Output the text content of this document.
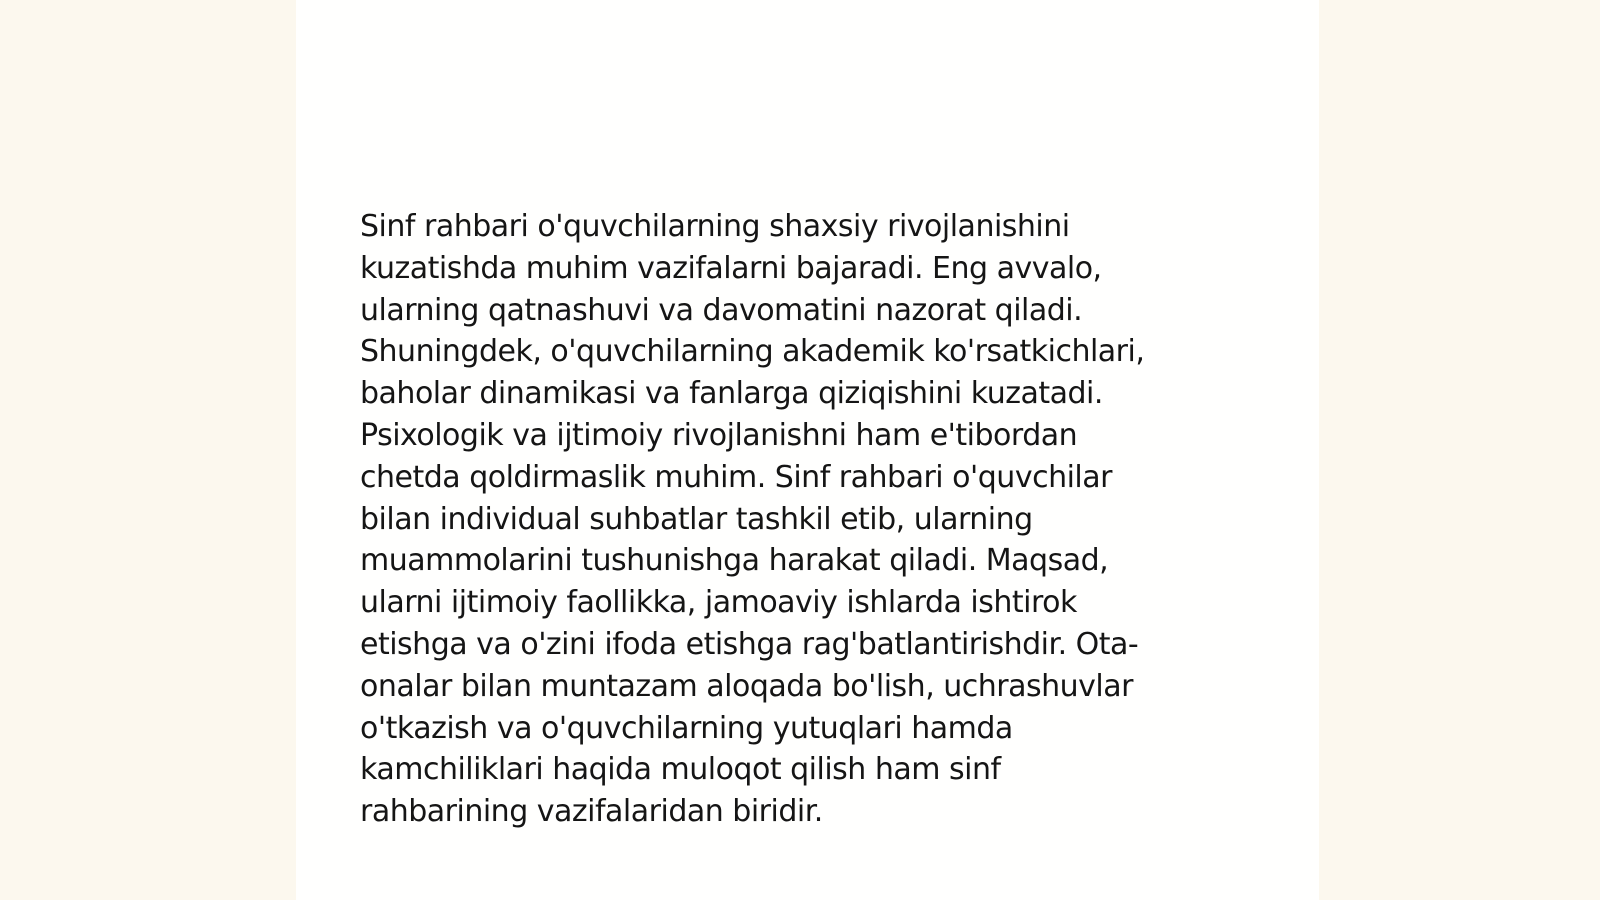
Sinf rahbari o'quvchilarning shaxsiy rivojlanishini
kuzatishda muhim vazifalarni bajaradi. Eng avvalo,
ularning qatnashuvi va davomatini nazorat qiladi.
Shuningdek, o'quvchilarning akademik ko'rsatkichlari,
baholar dinamikasi va fanlarga qiziqishini kuzatadi.
Psixologik va ijtimoiy rivojlanishni ham e'tibordan
chetda qoldirmaslik muhim. Sinf rahbari o'quvchilar
bilan individual suhbatlar tashkil etib, ularning
muammolarini tushunishga harakat qiladi. Maqsad,
ularni ijtimoiy faollikka, jamoaviy ishlarda ishtirok
etishga va o'zini ifoda etishga rag'batlantirishdir. Ota-
onalar bilan muntazam aloqada bo'lish, uchrashuvlar
o'tkazish va o'quvchilarning yutuqlari hamda
kamchiliklari haqida muloqot qilish ham sinf
rahbarining vazifalaridan biridir.
